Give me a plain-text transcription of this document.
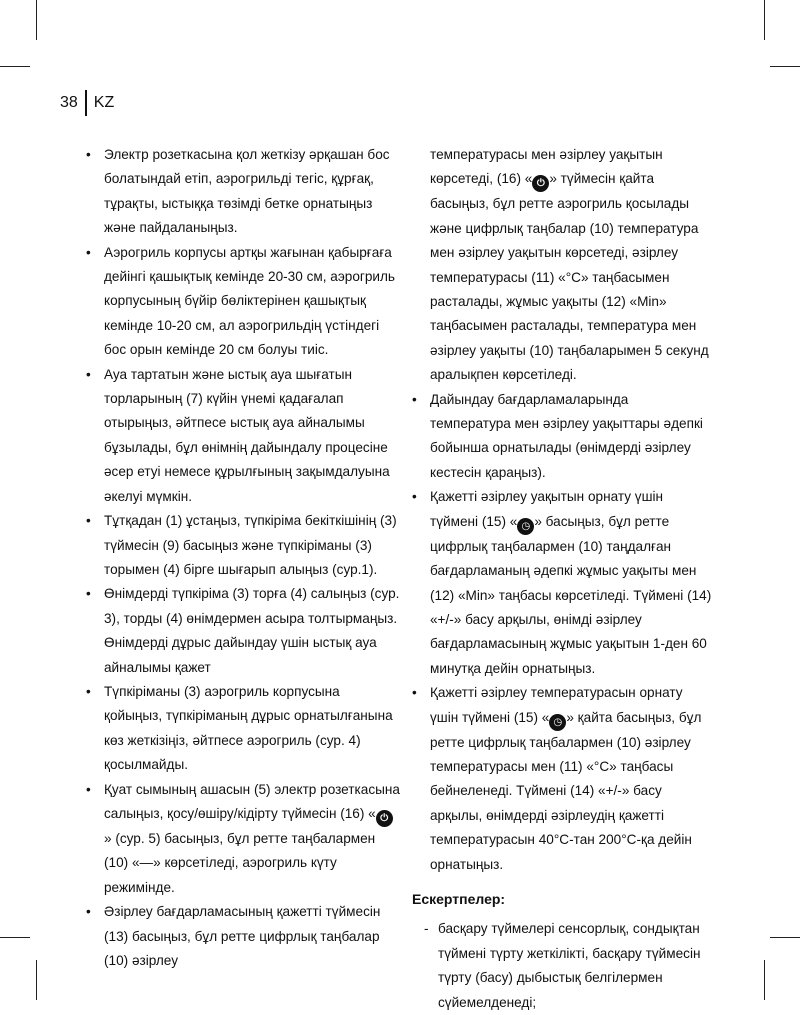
38	KZ

• Электр розеткасына қол жеткізу әрқашан бос болатындай етіп, аэрогрильді тегіс, құрғақ, тұрақты, ыстыққа төзімді бетке орнатыңыз және пайдаланыңыз.

• Аэрогриль корпусы артқы жағынан қабырғаға дейінгі қашықтық кемінде 20-30 см, аэрогриль корпусының бүйір бөліктерінен қашықтық кемінде 10-20 см, ал аэрогрильдің үстіндегі бос орын кемінде 20 см болуы тиіс.

• Ауа тартатын және ыстық ауа шығатын торларының (7) күйін үнемі қадағалап отырыңыз, әйтпесе ыстық ауа айналымы бұзылады, бұл өнімнің дайындалу процесіне әсер етуі немесе құрылғының зақымдалуына әкелуі мүмкін.

• Тұтқадан (1) ұстаңыз, түпкіріма бекіткішінің (3) түймесін (9) басыңыз және түпкіріманы (3) торымен (4) бірге шығарып алыңыз (сур.1).

• Өнімдерді түпкіріма (3) торға (4) салыңыз (сур. 3), торды (4) өнімдермен асыра толтырмаңыз. Өнімдерді дұрыс дайындау үшін ыстық ауа айналымы қажет

• Түпкіріманы (3) аэрогриль корпусына қойыңыз, түпкіріманың дұрыс орнатылғанына көз жеткізіңіз, әйтпесе аэрогриль (сур. 4) қосылмайды.

• Қуат сымының ашасын (5) электр розеткасына салыңыз, қосу/өшіру/кідірту түймесін (16) « ⏻» (сур. 5) басыңыз, бұл ретте таңбалармен (10) «—» көрсетіледі, аэрогриль күту режимінде.

• Әзірлеу бағдарламасының қажетті түймесін (13) басыңыз, бұл ретте цифрлық таңбалар (10) әзірлеу

температурасы мен әзірлеу уақытын көрсетеді, (16) « ⏻ » түймесін қайта басыңыз, бұл ретте аэрогриль қосылады және цифрлық таңбалар (10) температура мен әзірлеу уақытын көрсетеді, әзірлеу температурасы (11) «°С» таңбасымен расталады, жұмыс уақыты (12) «Min» таңбасымен расталады, температура мен әзірлеу уақыты (10) таңбаларымен 5 секунд аралықпен көрсетіледі.

• Дайындау бағдарламаларында температура мен әзірлеу уақыттары әдепкі бойынша орнатылады (өнімдерді әзірлеу кестесін қараңыз).

• Қажетті әзірлеу уақытын орнату үшін түймені (15) « ◷ » басыңыз, бұл ретте цифрлық таңбалармен (10) таңдалған бағдарламаның әдепкі жұмыс уақыты мен (12) «Min» таңбасы көрсетіледі. Түймені (14) «+/-» басу арқылы, өнімді әзірлеу бағдарламасының жұмыс уақытын 1-ден 60 минутқа дейін орнатыңыз.

• Қажетті әзірлеу температурасын орнату үшін түймені (15) « ◷ » қайта басыңыз, бұл ретте цифрлық таңбалармен (10) әзірлеу температурасы мен (11) «°С» таңбасы бейнеленеді. Түймені (14) «+/-» басу арқылы, өнімдерді әзірлеудің қажетті температурасын 40°С-тан 200°С-қа дейін орнатыңыз.

Ескертпелер:

- басқару түймелері сенсорлық, сондықтан түймені түрту жеткілікті, басқару түймесін түрту (басу) дыбыстық белгілермен сүйемелденеді;
